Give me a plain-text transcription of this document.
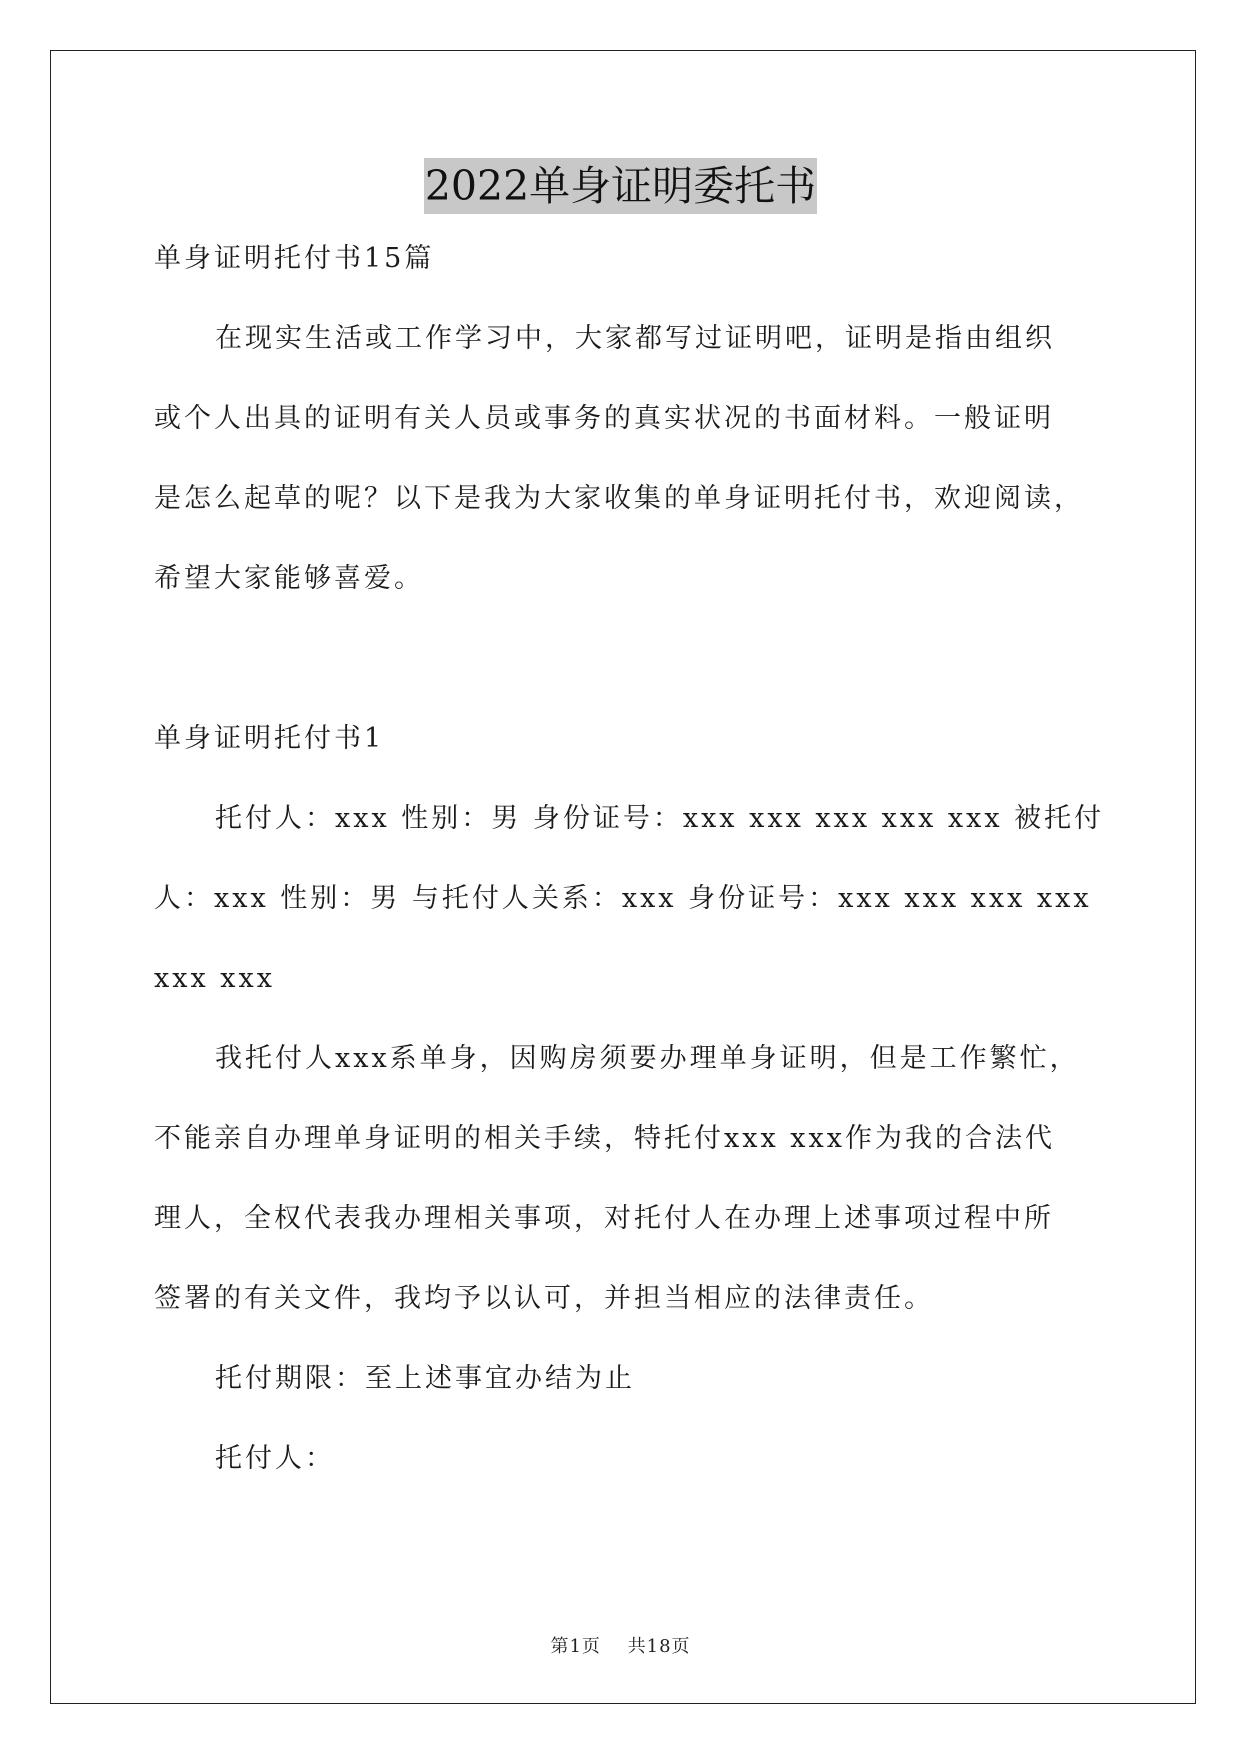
2022单身证明委托书
单身证明托付书15篇
在现实生活或工作学习中，大家都写过证明吧，证明是指由组织
或个人出具的证明有关人员或事务的真实状况的书面材料。一般证明
是怎么起草的呢？以下是我为大家收集的单身证明托付书，欢迎阅读，
希望大家能够喜爱。
单身证明托付书1
托付人：xxx 性别：男 身份证号：xxx xxx xxx xxx xxx 被托付
人：xxx 性别：男 与托付人关系：xxx 身份证号：xxx xxx xxx xxx
xxx xxx
我托付人xxx系单身，因购房须要办理单身证明，但是工作繁忙，
不能亲自办理单身证明的相关手续，特托付xxx xxx作为我的合法代
理人，全权代表我办理相关事项，对托付人在办理上述事项过程中所
签署的有关文件，我均予以认可，并担当相应的法律责任。
托付期限：至上述事宜办结为止
托付人：
第1页 共18页
